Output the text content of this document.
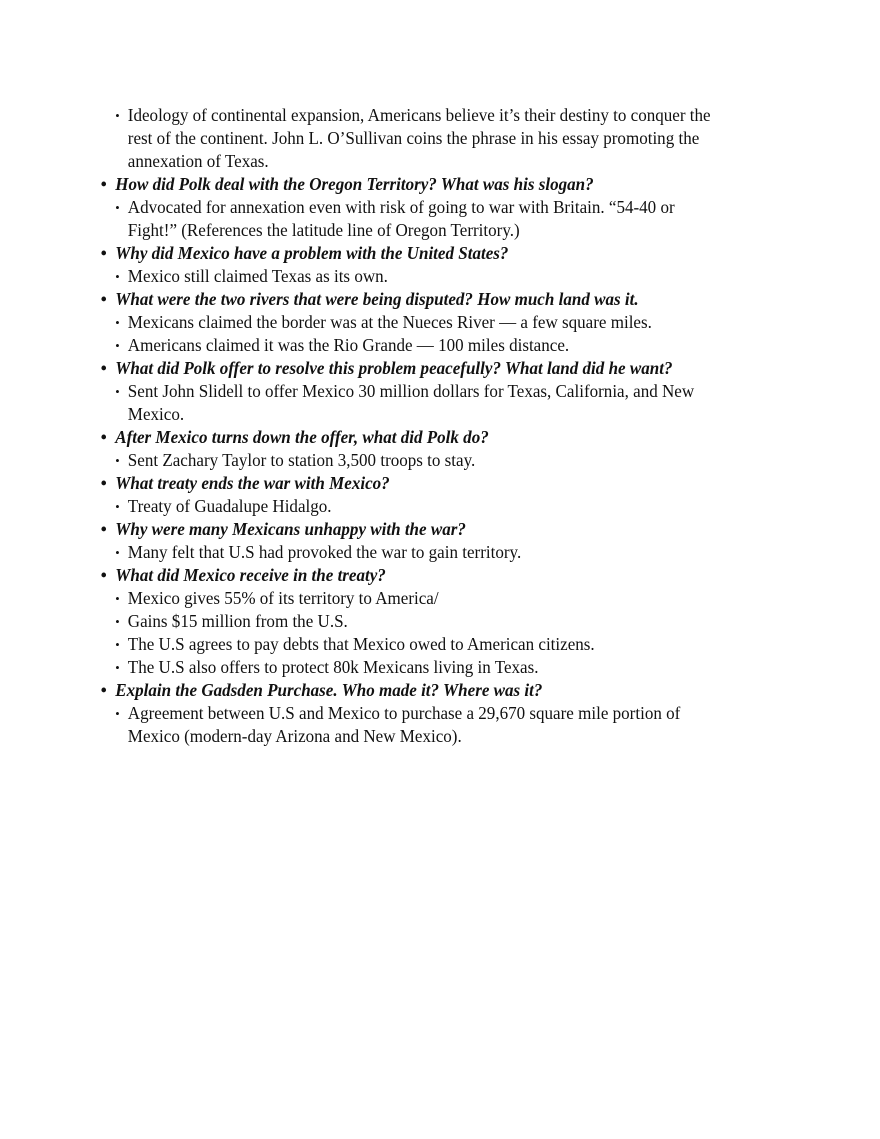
• Ideology of continental expansion, Americans believe it’s their destiny to conquer the
rest of the continent. John L. O’Sullivan coins the phrase in his essay promoting the
annexation of Texas.
• How did Polk deal with the Oregon Territory? What was his slogan?
• Advocated for annexation even with risk of going to war with Britain. “54-40 or
Fight!” (References the latitude line of Oregon Territory.)
• Why did Mexico have a problem with the United States?
• Mexico still claimed Texas as its own.
• What were the two rivers that were being disputed? How much land was it.
• Mexicans claimed the border was at the Nueces River — a few square miles.
• Americans claimed it was the Rio Grande — 100 miles distance.
• What did Polk offer to resolve this problem peacefully? What land did he want?
• Sent John Slidell to offer Mexico 30 million dollars for Texas, California, and New
Mexico.
• After Mexico turns down the offer, what did Polk do?
• Sent Zachary Taylor to station 3,500 troops to stay.
• What treaty ends the war with Mexico?
• Treaty of Guadalupe Hidalgo.
• Why were many Mexicans unhappy with the war?
• Many felt that U.S had provoked the war to gain territory.
• What did Mexico receive in the treaty?
• Mexico gives 55% of its territory to America/
• Gains $15 million from the U.S.
• The U.S agrees to pay debts that Mexico owed to American citizens.
• The U.S also offers to protect 80k Mexicans living in Texas.
• Explain the Gadsden Purchase. Who made it? Where was it?
• Agreement between U.S and Mexico to purchase a 29,670 square mile portion of
Mexico (modern-day Arizona and New Mexico).
